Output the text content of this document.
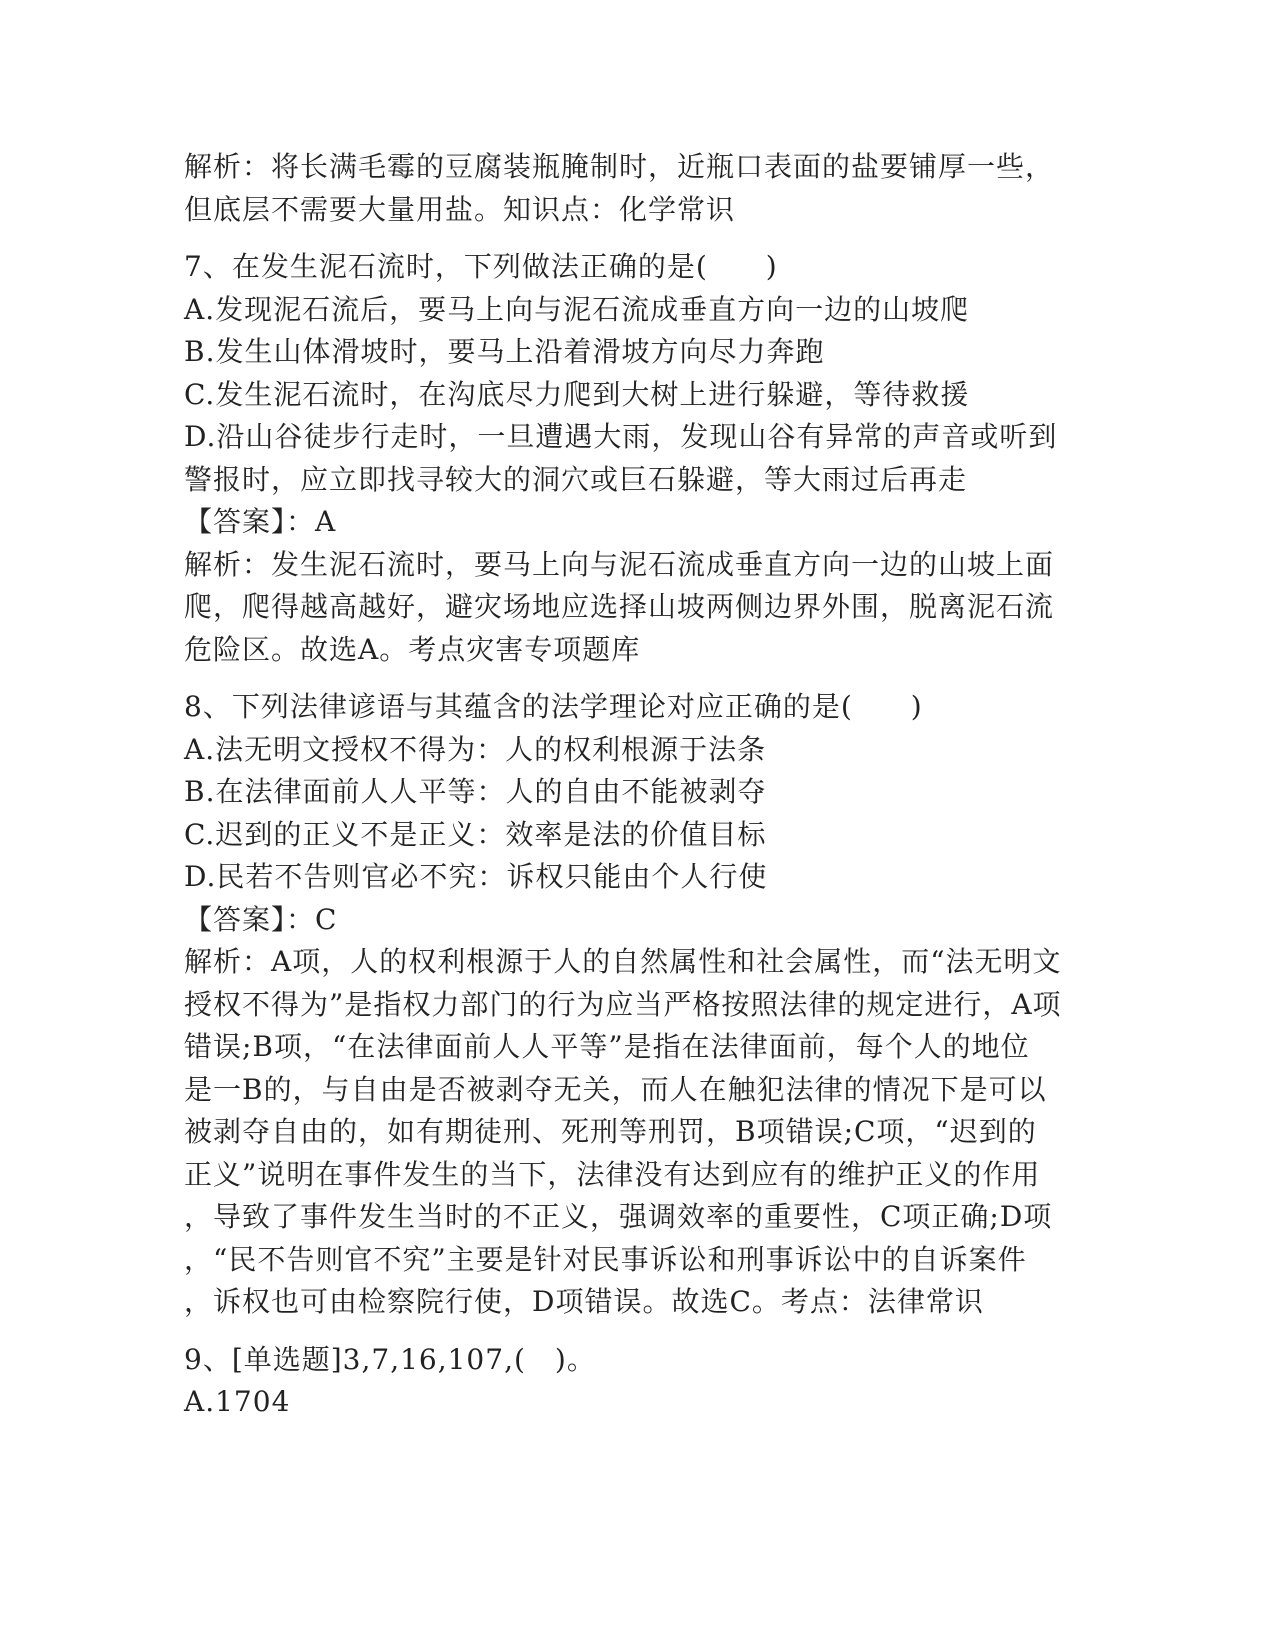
解析：将长满毛霉的豆腐装瓶腌制时，近瓶口表面的盐要铺厚一些，
但底层不需要大量用盐。知识点：化学常识
7、在发生泥石流时，下列做法正确的是(　　)
A.发现泥石流后，要马上向与泥石流成垂直方向一边的山坡爬
B.发生山体滑坡时，要马上沿着滑坡方向尽力奔跑
C.发生泥石流时，在沟底尽力爬到大树上进行躲避，等待救援
D.沿山谷徒步行走时，一旦遭遇大雨，发现山谷有异常的声音或听到
警报时，应立即找寻较大的洞穴或巨石躲避，等大雨过后再走
【答案】：A
解析：发生泥石流时，要马上向与泥石流成垂直方向一边的山坡上面
爬，爬得越高越好，避灾场地应选择山坡两侧边界外围，脱离泥石流
危险区。故选A。考点灾害专项题库
8、下列法律谚语与其蕴含的法学理论对应正确的是(　　)
A.法无明文授权不得为：人的权利根源于法条
B.在法律面前人人平等：人的自由不能被剥夺
C.迟到的正义不是正义：效率是法的价值目标
D.民若不告则官必不究：诉权只能由个人行使
【答案】：C
解析：A项，人的权利根源于人的自然属性和社会属性，而“法无明文
授权不得为”是指权力部门的行为应当严格按照法律的规定进行，A项
错误;B项，“在法律面前人人平等”是指在法律面前，每个人的地位
是一B的，与自由是否被剥夺无关，而人在触犯法律的情况下是可以
被剥夺自由的，如有期徒刑、死刑等刑罚，B项错误;C项，“迟到的
正义”说明在事件发生的当下，法律没有达到应有的维护正义的作用
，导致了事件发生当时的不正义，强调效率的重要性，C项正确;D项
，“民不告则官不究”主要是针对民事诉讼和刑事诉讼中的自诉案件
，诉权也可由检察院行使，D项错误。故选C。考点：法律常识
9、[单选题]3,7,16,107,(　)。
A.1704
